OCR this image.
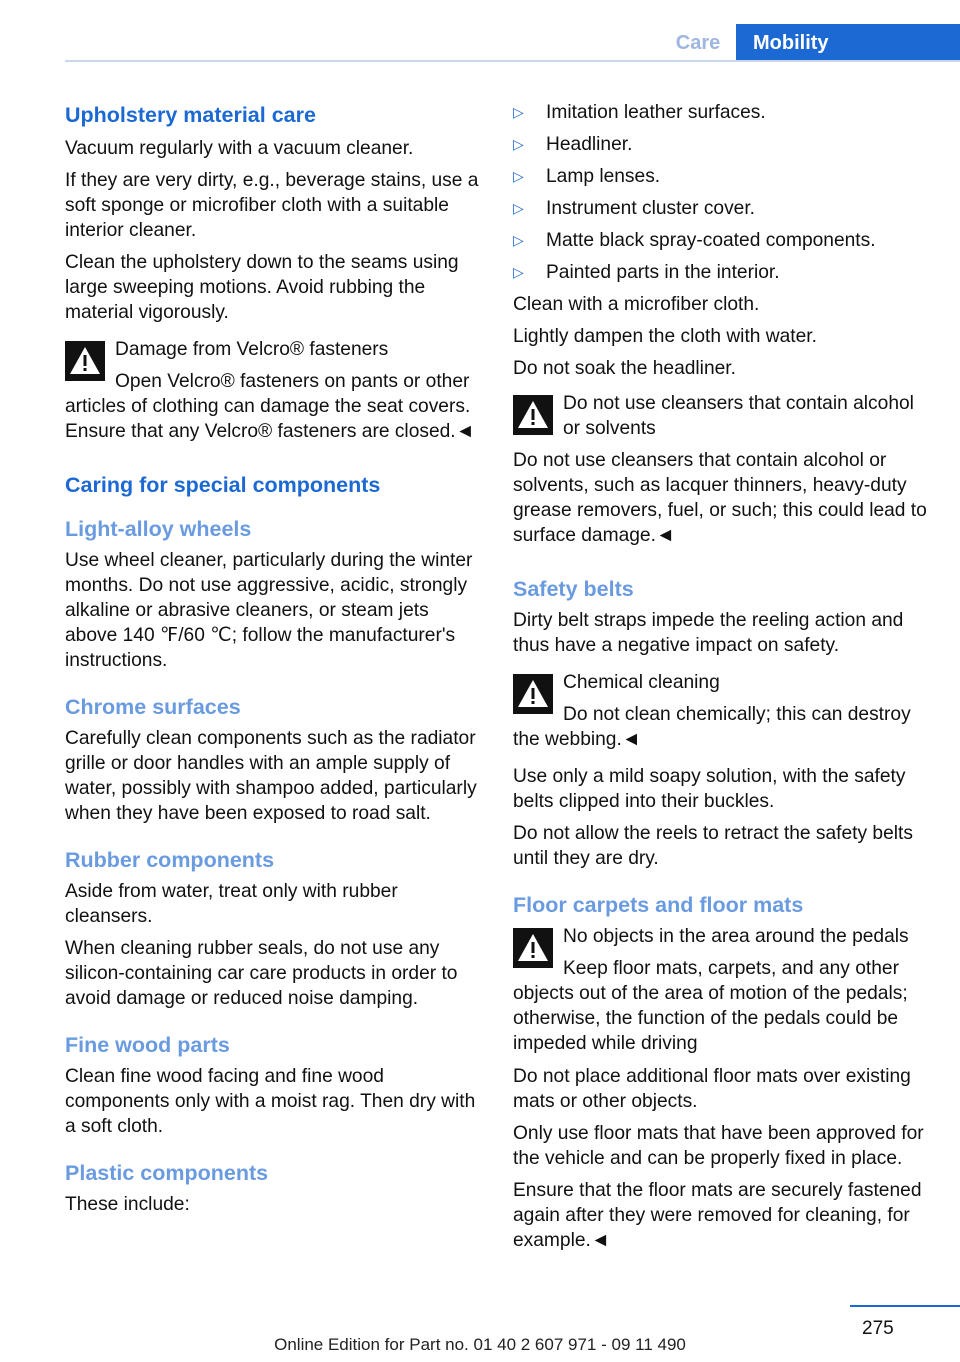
Care	Mobility
Upholstery material care

Vacuum regularly with a vacuum cleaner.

If they are very dirty, e.g., beverage stains, use a soft sponge or microfiber cloth with a suitable interior cleaner.

Clean the upholstery down to the seams using large sweeping motions. Avoid rubbing the material vigorously.

Damage from Velcro® fasteners

Open Velcro® fasteners on pants or other articles of clothing can damage the seat covers. Ensure that any Velcro® fasteners are closed.◄

Caring for special components
Light-alloy wheels

Use wheel cleaner, particularly during the winter months. Do not use aggressive, acidic, strongly alkaline or abrasive cleaners, or steam jets above 140 ℉/60 ℃; follow the manufacturer's instructions.

Chrome surfaces

Carefully clean components such as the radiator grille or door handles with an ample supply of water, possibly with shampoo added, particularly when they have been exposed to road salt.

Rubber components

Aside from water, treat only with rubber cleansers.

When cleaning rubber seals, do not use any silicon-containing car care products in order to avoid damage or reduced noise damping.

Fine wood parts

Clean fine wood facing and fine wood components only with a moist rag. Then dry with a soft cloth.

Plastic components

These include:

▷ Imitation leather surfaces.
▷ Headliner.
▷ Lamp lenses.
▷ Instrument cluster cover.
▷ Matte black spray-coated components.
▷ Painted parts in the interior.

Clean with a microfiber cloth.

Lightly dampen the cloth with water.

Do not soak the headliner.

Do not use cleansers that contain alcohol or solvents

Do not use cleansers that contain alcohol or solvents, such as lacquer thinners, heavy-duty grease removers, fuel, or such; this could lead to surface damage.◄

Safety belts

Dirty belt straps impede the reeling action and thus have a negative impact on safety.

Chemical cleaning

Do not clean chemically; this can destroy the webbing.◄

Use only a mild soapy solution, with the safety belts clipped into their buckles.

Do not allow the reels to retract the safety belts until they are dry.

Floor carpets and floor mats

No objects in the area around the pedals

Keep floor mats, carpets, and any other objects out of the area of motion of the pedals; otherwise, the function of the pedals could be impeded while driving

Do not place additional floor mats over existing mats or other objects.

Only use floor mats that have been approved for the vehicle and can be properly fixed in place.

Ensure that the floor mats are securely fastened again after they were removed for cleaning, for example.◄

275
Online Edition for Part no. 01 40 2 607 971 - 09 11 490
